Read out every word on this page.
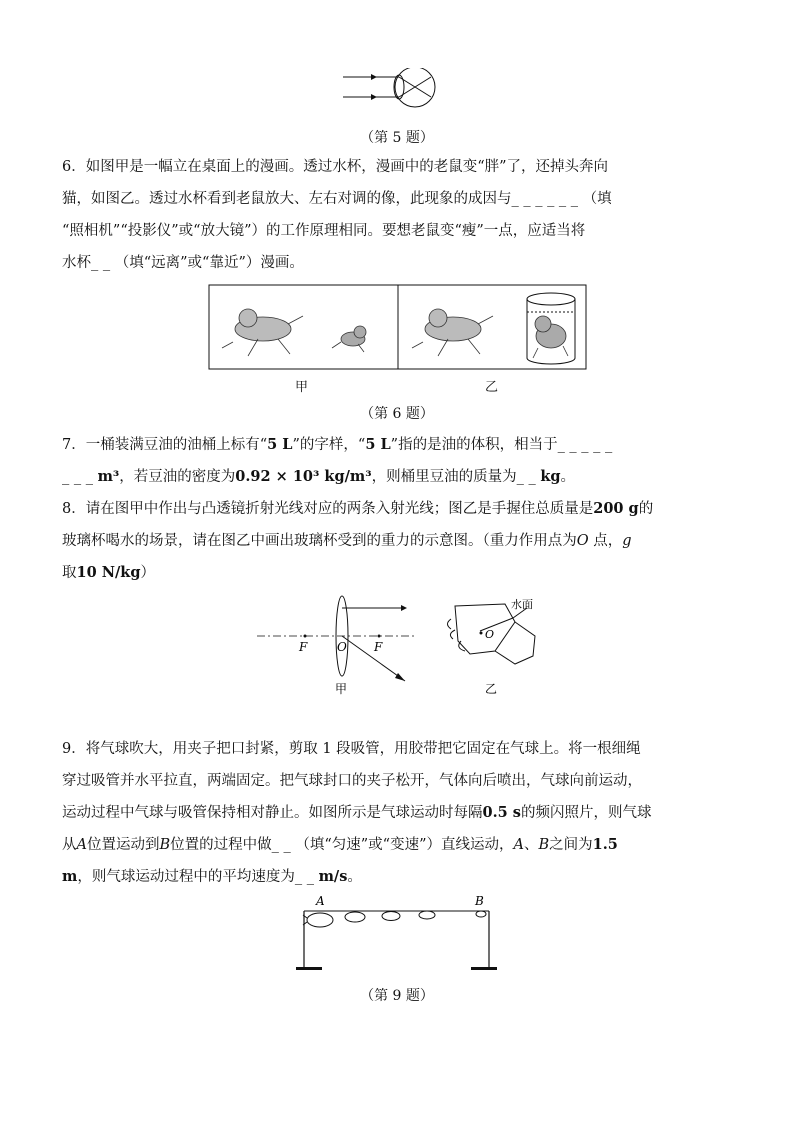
（第 5 题）
6．如图甲是一幅立在桌面上的漫画。透过水杯，漫画中的老鼠变“胖”了，还掉头奔向
猫，如图乙。透过水杯看到老鼠放大、左右对调的像，此现象的成因与_ _ _ _ _ _ （填
“照相机”“投影仪”或“放大镜”）的工作原理相同。要想老鼠变“瘦”一点，应适当将
水杯_ _ （填“远离”或“靠近”）漫画。
甲	乙
（第 6 题）
7．一桶装满豆油的油桶上标有“5 L”的字样，“5 L”指的是油的体积，相当于_ _ _ _ _
_ _ _ m³，若豆油的密度为0.92 × 10³ kg/m³，则桶里豆油的质量为_ _ kg。
8．请在图甲中作出与凸透镜折射光线对应的两条入射光线；图乙是手握住总质量是200 g的
玻璃杯喝水的场景，请在图乙中画出玻璃杯受到的重力的示意图。（重力作用点为O 点，g
取10 N/kg）
F O F
甲
O
水面
乙
9．将气球吹大，用夹子把口封紧，剪取 1 段吸管，用胶带把它固定在气球上。将一根细绳
穿过吸管并水平拉直，两端固定。把气球封口的夹子松开，气体向后喷出，气球向前运动，
运动过程中气球与吸管保持相对静止。如图所示是气球运动时每隔0.5 s的频闪照片，则气球
从A位置运动到B位置的过程中做_ _ （填“匀速”或“变速”）直线运动，A、B之间为1.5
m，则气球运动过程中的平均速度为_ _ m/s。
A	B
（第 9 题）
